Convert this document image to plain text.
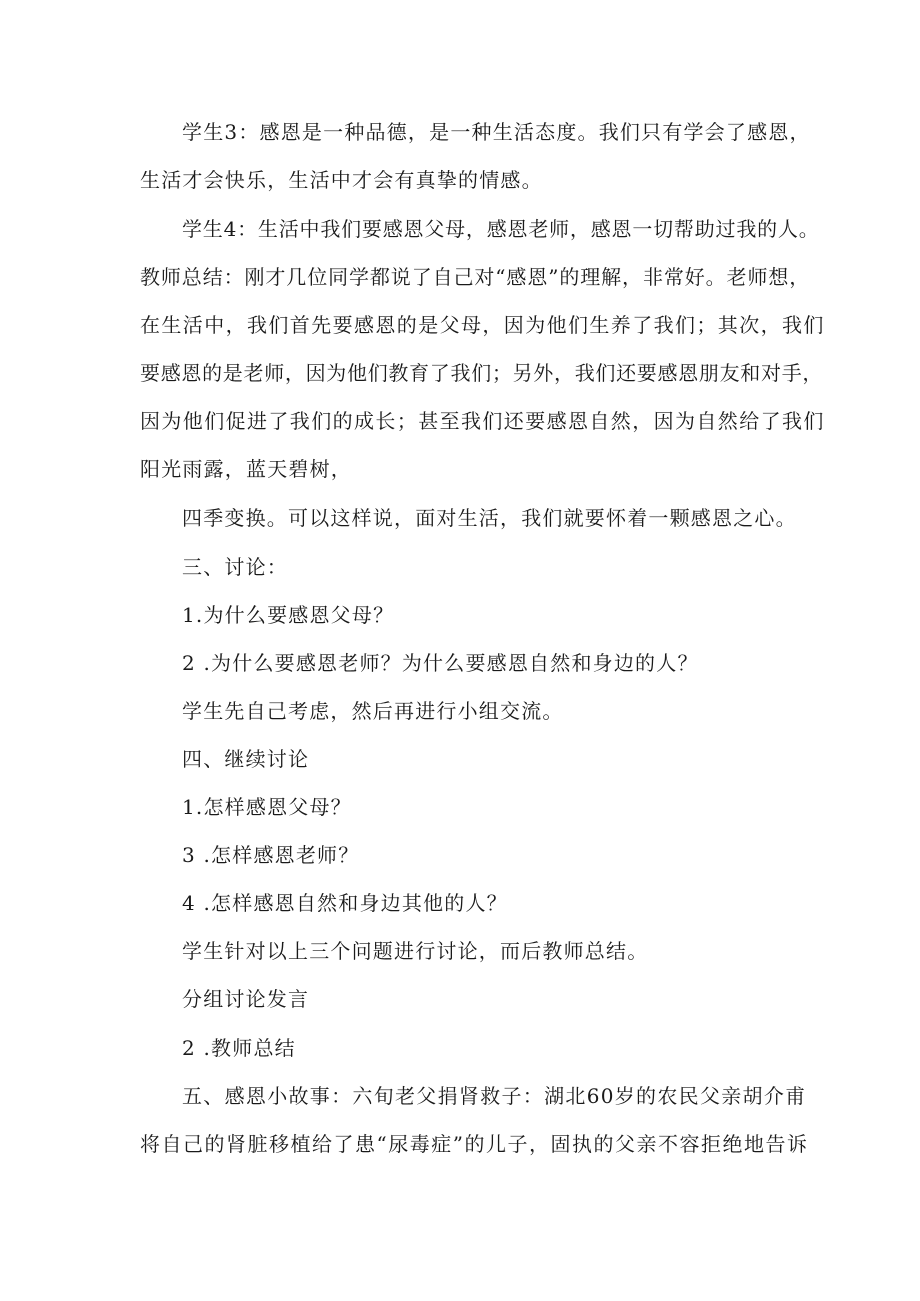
学生3：感恩是一种品德，是一种生活态度。我们只有学会了感恩，
生活才会快乐，生活中才会有真挚的情感。
学生4：生活中我们要感恩父母，感恩老师，感恩一切帮助过我的人。
教师总结：刚才几位同学都说了自己对“感恩”的理解，非常好。老师想，
在生活中，我们首先要感恩的是父母，因为他们生养了我们；其次，我们
要感恩的是老师，因为他们教育了我们；另外，我们还要感恩朋友和对手，
因为他们促进了我们的成长；甚至我们还要感恩自然，因为自然给了我们
阳光雨露，蓝天碧树，
四季变换。可以这样说，面对生活，我们就要怀着一颗感恩之心。
三、讨论：
1.为什么要感恩父母？
2 .为什么要感恩老师？为什么要感恩自然和身边的人？
学生先自己考虑，然后再进行小组交流。
四、继续讨论
1.怎样感恩父母？
3 .怎样感恩老师？
4 .怎样感恩自然和身边其他的人？
学生针对以上三个问题进行讨论，而后教师总结。
分组讨论发言
2 .教师总结
五、感恩小故事：六旬老父捐肾救子：湖北60岁的农民父亲胡介甫
将自己的肾脏移植给了患“尿毒症”的儿子，固执的父亲不容拒绝地告诉
